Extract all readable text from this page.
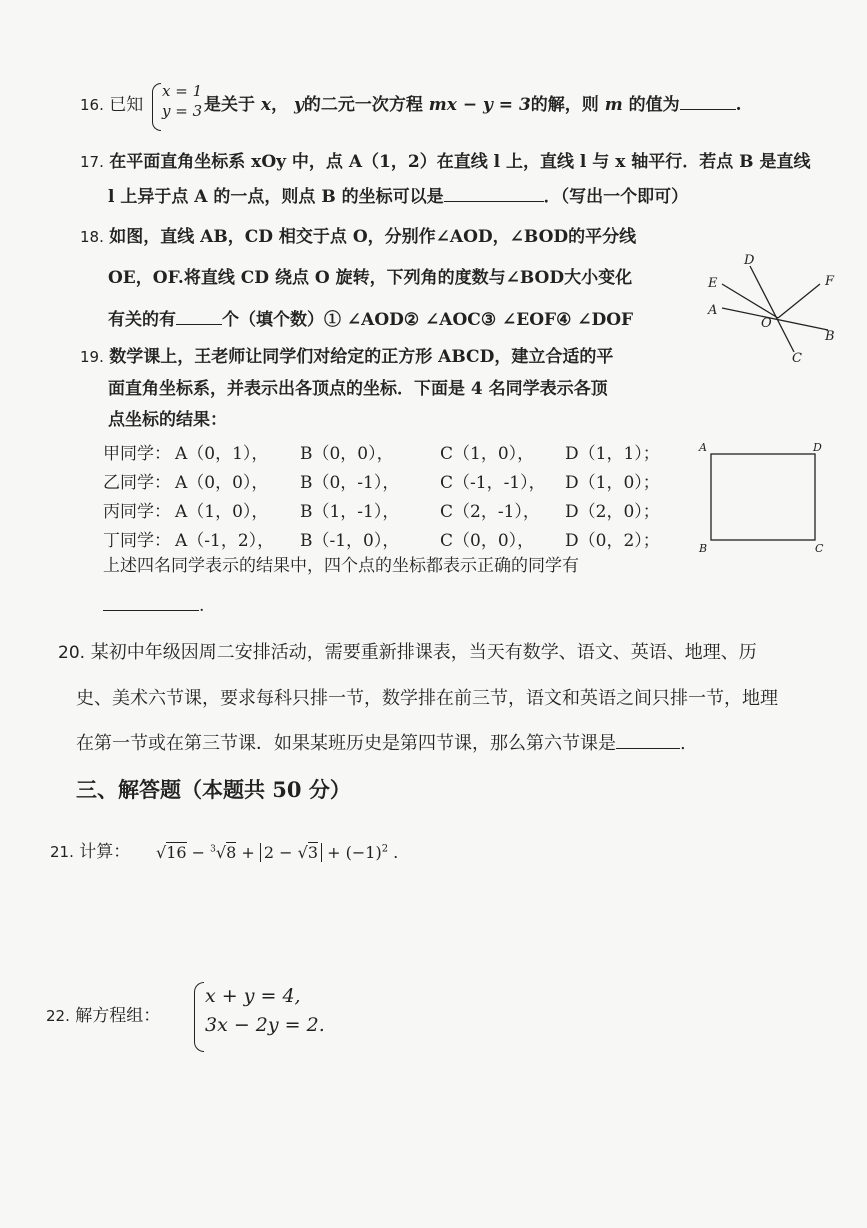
16. 已知
x = 1
y = 3 是关于 x， y的二元一次方程 mx − y = 3的解，则 m 的值为	.
17. 在平面直角坐标系 xOy 中，点 A（1，2）在直线 l 上，直线 l 与 x 轴平行．若点 B 是直线
l 上异于点 A 的一点，则点 B 的坐标可以是	．（写出一个即可）
18. 如图，直线 AB，CD 相交于点 O，分别作∠AOD，∠BOD的平分线
OE，OF.将直线 CD 绕点 O 旋转，下列角的度数与∠BOD大小变化
有关的有	个（填个数）① ∠AOD② ∠AOC③ ∠EOF④ ∠DOF
D
E	F
A
O
B
C
19. 数学课上，王老师让同学们对给定的正方形 ABCD，建立合适的平
面直角坐标系，并表示出各顶点的坐标．下面是 4 名同学表示各顶
点坐标的结果：
甲同学： A（0，1）， B（0，0），	C（1，0）， D（1，1）；
乙同学： A（0，0）， B（0，-1）， C（-1，-1）， D（1，0）；
丙同学： A（1，0）， B（1，-1）， C（2，-1）， D（2，0）；
丁同学： A（-1，2）， B（-1，0）， C（0，0）， D（0，2）；
上述四名同学表示的结果中，四个点的坐标都表示正确的同学有
.
A	D
B	C
20. 某初中年级因周二安排活动，需要重新排课表，当天有数学、语文、英语、地理、历
史、美术六节课，要求每科只排一节，数学排在前三节，语文和英语之间只排一节，地理
在第一节或在第三节课．如果某班历史是第四节课，那么第六节课是	.
三、解答题（本题共 50 分）
21. 计算： $√16 - ^3√8 + 2 - √3 + (-1)^2$ .
22. 解方程组：
x + y = 4,
3x − 2y = 2.
